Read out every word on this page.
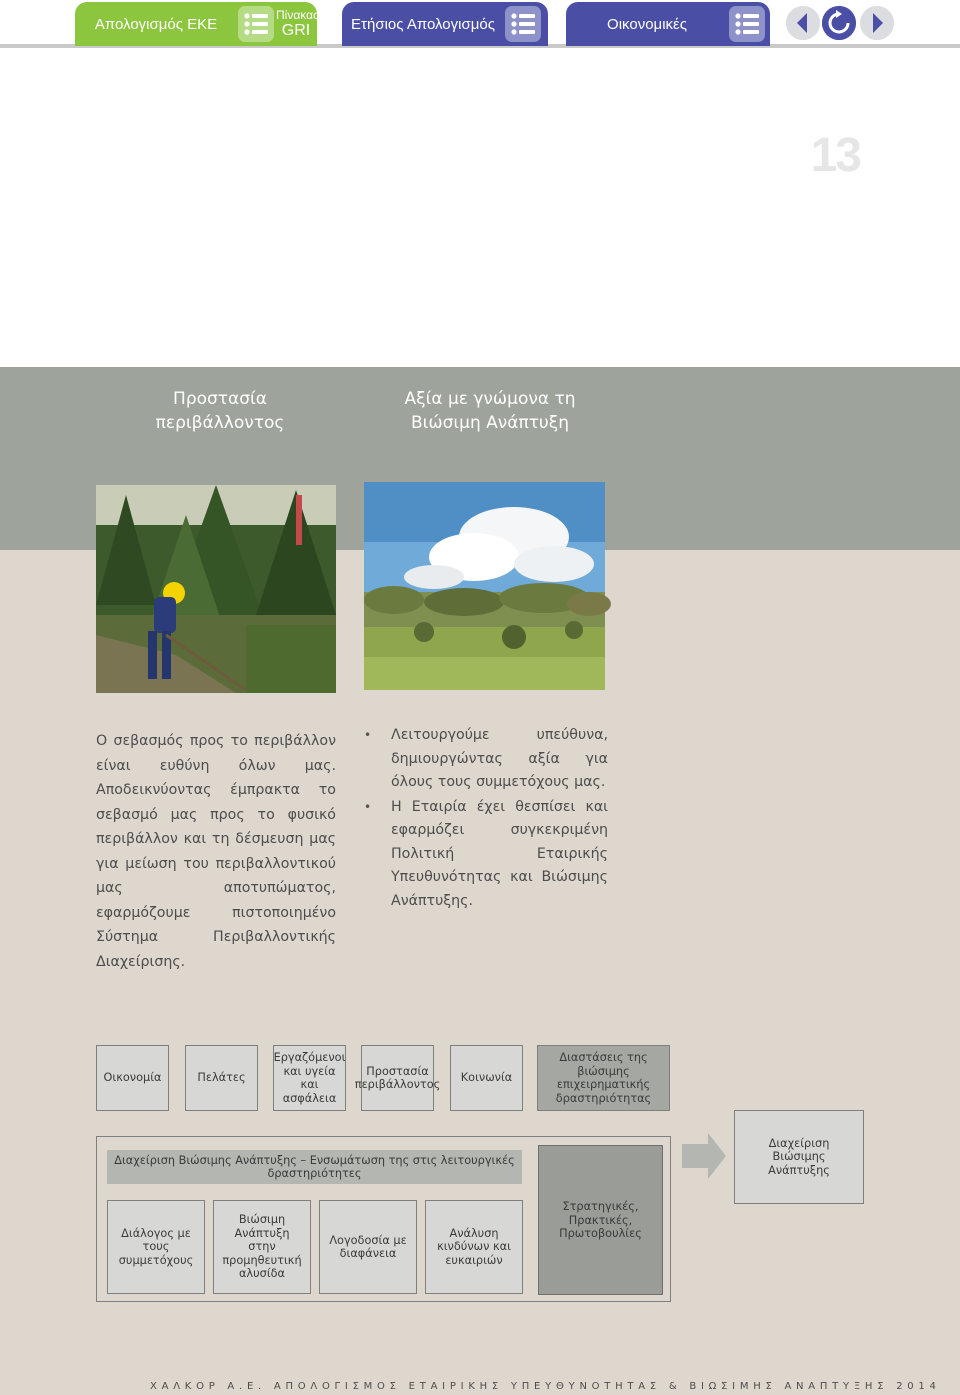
Απολογισμός ΕΚΕ
Πίνακας
GRI	Ετήσιος Απολογισμός	Οικονομικές Καταστάσεις
13
Προστασία περιβάλλοντος
Αξία με γνώμονα τη Βιώσιμη Ανάπτυξη

Ο σεβασμός προς το περιβάλλον είναι ευθύνη όλων μας. Αποδεικνύοντας έμπρακτα το σεβασμό μας προς το φυσικό περιβάλλον και τη δέσμευση μας για μείωση του περιβαλλοντικού μας αποτυπώματος, εφαρμόζουμε πιστοποιημένο Σύστημα Περιβαλλοντικής Διαχείρισης.

• Λειτουργούμε υπεύθυνα, δημιουργώντας αξία για όλους τους συμμετόχους μας.
• Η Εταιρία έχει θεσπίσει και εφαρμόζει συγκεκριμένη Πολιτική Εταιρικής Υπευθυνότητας και Βιώσιμης Ανάπτυξης.
Οικονομία	Πελάτες
Εργαζόμενοι και υγεία και ασφάλεια
Προστασία περιβάλλοντος
Κοινωνία
Διαστάσεις της βιώσιμης επιχειρηματικής δραστηριότητας
Διαχείριση Βιώσιμης Ανάπτυξης – Ενσωμάτωση της στις λειτουργικές δραστηριότητες
Διάλογος με τους συμμετόχους
Βιώσιμη Ανάπτυξη στην προμηθευτική αλυσίδα
Λογοδοσία με διαφάνεια
Ανάλυση κινδύνων και ευκαιριών
Στρατηγικές, Πρακτικές, Πρωτοβουλίες
Διαχείριση Βιώσιμης Ανάπτυξης
ΧΑΛΚΟΡ Α.Ε. ΑΠΟΛΟΓΙΣΜΟΣ ΕΤΑΙΡΙΚΗΣ ΥΠΕΥΘΥΝΟΤΗΤΑΣ & ΒΙΩΣΙΜΗΣ ΑΝΑΠΤΥΞΗΣ 2014
